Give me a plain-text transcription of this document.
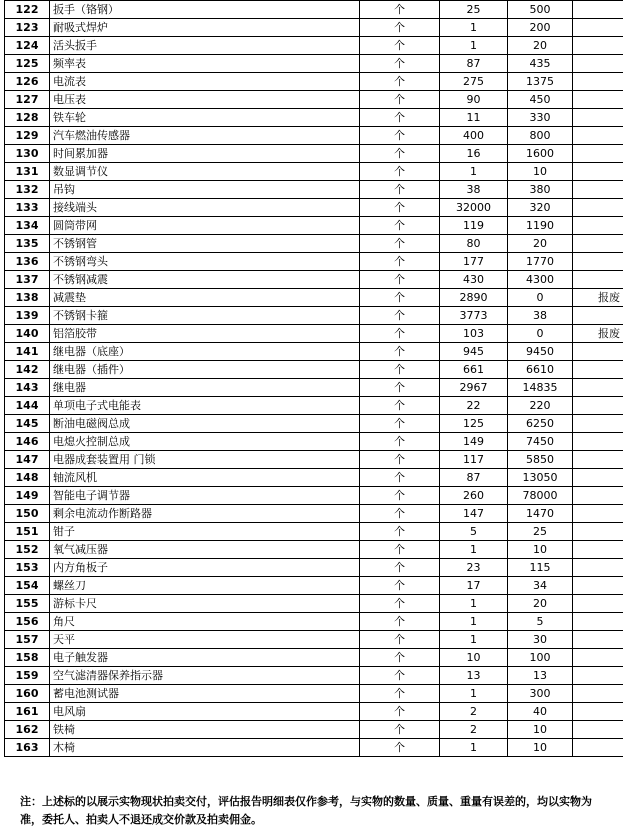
122	扳手（铬钢）	个	25	500	
123	耐吸式焊炉	个	1	200	
124	活头扳手	个	1	20	
125	频率表	个	87	435	
126	电流表	个	275	1375	
127	电压表	个	90	450	
128	铁车轮	个	11	330	
129	汽车燃油传感器	个	400	800	
130	时间累加器	个	16	1600	
131	数显调节仪	个	1	10	
132	吊钩	个	38	380	
133	接线端头	个	32000	320	
134	圆筒带网	个	119	1190	
135	不锈钢管	个	80	20	
136	不锈钢弯头	个	177	1770	
137	不锈钢减震	个	430	4300	
138	减震垫	个	2890	0	报废
139	不锈钢卡箍	个	3773	38	
140	铝箔胶带	个	103	0	报废
141	继电器（底座）	个	945	9450	
142	继电器（插件）	个	661	6610	
143	继电器	个	2967	14835	
144	单项电子式电能表	个	22	220	
145	断油电磁阀总成	个	125	6250	
146	电熄火控制总成	个	149	7450	
147	电器成套装置用 门锁	个	117	5850	
148	轴流风机	个	87	13050	
149	智能电子调节器	个	260	78000	
150	剩余电流动作断路器	个	147	1470	
151	钳子	个	5	25	
152	氧气减压器	个	1	10	
153	内方角板子	个	23	115	
154	螺丝刀	个	17	34	
155	游标卡尺	个	1	20	
156	角尺	个	1	5	
157	天平	个	1	30	
158	电子触发器	个	10	100	
159	空气滤清器保养指示器	个	13	13	
160	蓄电池测试器	个	1	300	
161	电风扇	个	2	40	
162	铁椅	个	2	10	
163	木椅	个	1	10	
注：上述标的以展示实物现状拍卖交付，评估报告明细表仅作参考，与实物的数量、质量、重量有误差的，均以实物为准，委托人、拍卖人不退还成交价款及拍卖佣金。
